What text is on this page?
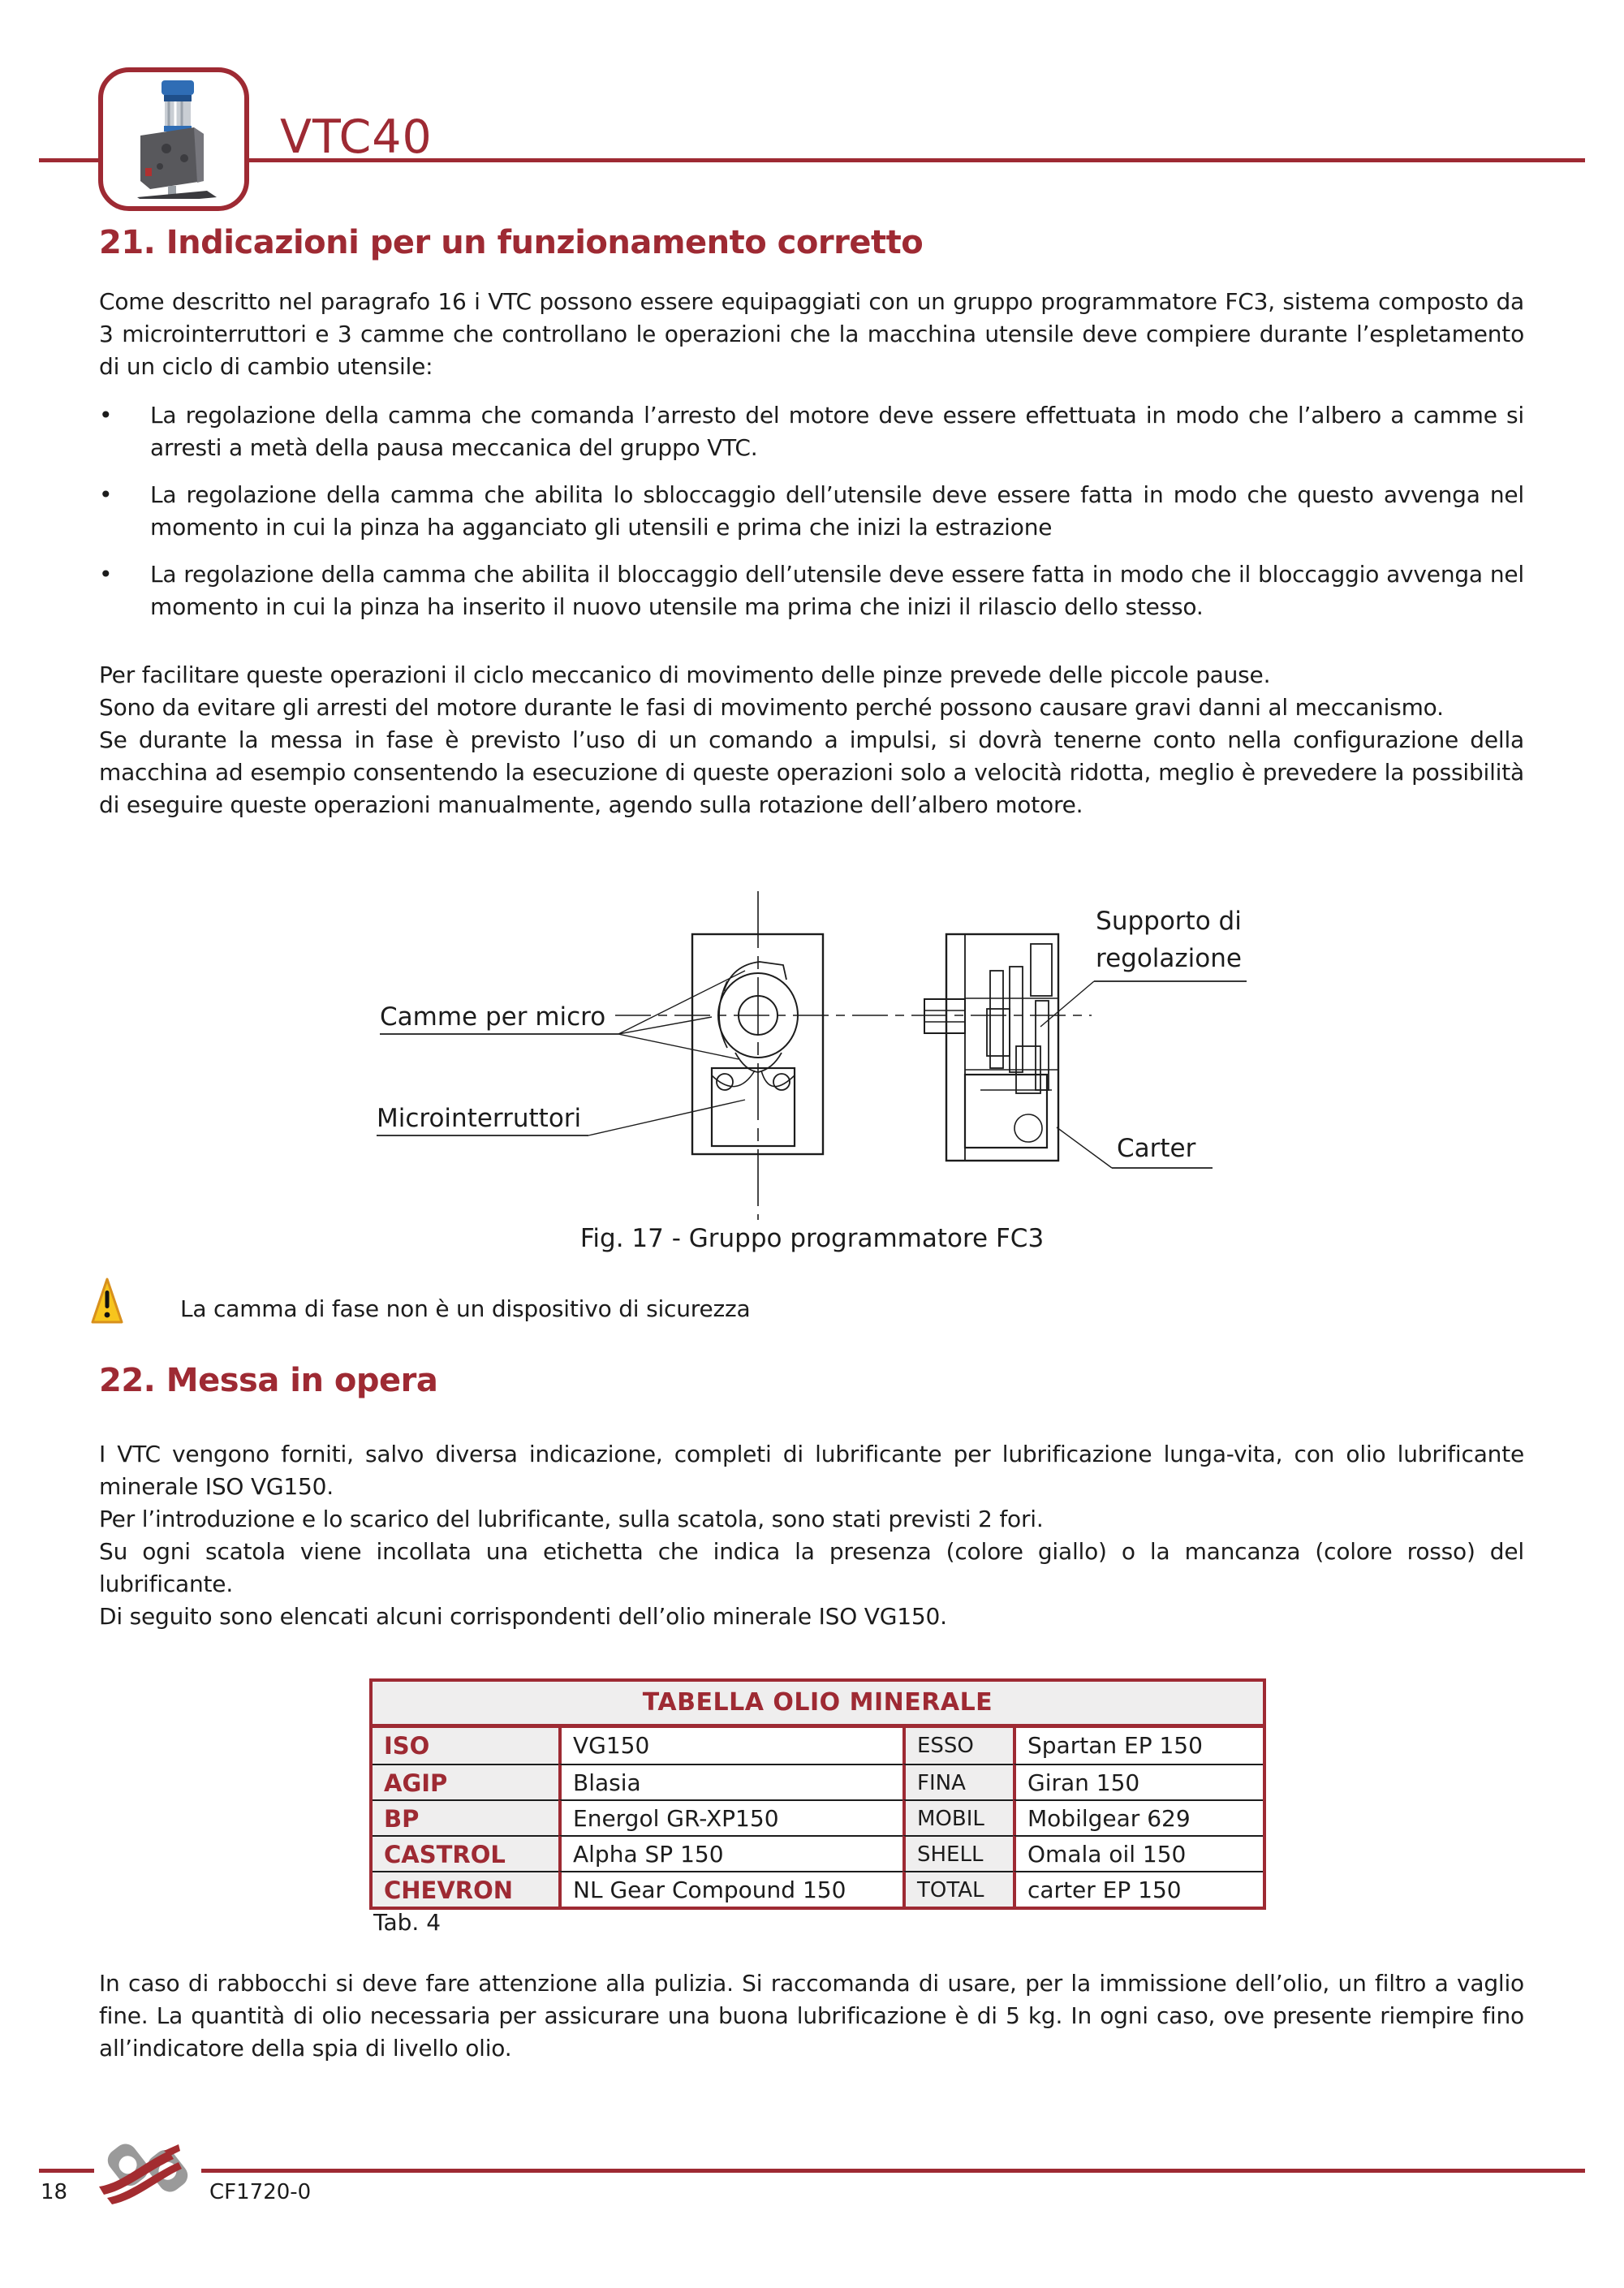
VTC40
21. Indicazioni per un funzionamento corretto

Come descritto nel paragrafo 16 i VTC possono essere equipaggiati con un gruppo programmatore FC3, sistema composto da 3 microinterruttori e 3 camme che controllano le operazioni che la macchina utensile deve compiere durante l’espletamento di un ciclo di cambio utensile:

•	La regolazione della camma che comanda l’arresto del motore deve essere effettuata in modo che l’albero a camme si arresti a metà della pausa meccanica del gruppo VTC.

•	La regolazione della camma che abilita lo sbloccaggio dell’utensile deve essere fatta in modo che questo avvenga nel momento in cui la pinza ha agganciato gli utensili e prima che inizi la estrazione

•	La regolazione della camma che abilita il bloccaggio dell’utensile deve essere fatta in modo che il bloccaggio avvenga nel momento in cui la pinza ha inserito il nuovo utensile ma prima che inizi il rilascio dello stesso.

Per facilitare queste operazioni il ciclo meccanico di movimento delle pinze prevede delle piccole pause.

Sono da evitare gli arresti del motore durante le fasi di movimento perché possono causare gravi danni al meccanismo.

Se durante la messa in fase è previsto l’uso di un comando a impulsi, si dovrà tenerne conto nella configurazione della macchina ad esempio consentendo la esecuzione di queste operazioni solo a velocità ridotta, meglio è prevedere la possibilità di eseguire queste operazioni manualmente, agendo sulla rotazione dell’albero motore.

Camme per micro
Microinterruttori
Supporto di
regolazione
Carter
Fig. 17 - Gruppo programmatore FC3
La camma di fase non è un dispositivo di sicurezza
22. Messa in opera

I VTC vengono forniti, salvo diversa indicazione, completi di lubrificante per lubrificazione lunga-vita, con olio lubrificante minerale ISO VG150.

Per l’introduzione e lo scarico del lubrificante, sulla scatola, sono stati previsti 2 fori.

Su ogni scatola viene incollata una etichetta che indica la presenza (colore giallo) o la mancanza (colore rosso) del lubrificante.

Di seguito sono elencati alcuni corrispondenti dell’olio minerale ISO VG150.

TABELLA OLIO MINERALE
ISO	VG150	ESSO	Spartan EP 150
AGIP	Blasia	FINA	Giran 150
BP	Energol GR-XP150	MOBIL	Mobilgear 629
CASTROL	Alpha SP 150	SHELL	Omala oil 150
CHEVRON	NL Gear Compound 150	TOTAL	carter EP 150
Tab. 4

In caso di rabbocchi si deve fare attenzione alla pulizia. Si raccomanda di usare, per la immissione dell’olio, un filtro a vaglio fine. La quantità di olio necessaria per assicurare una buona lubrificazione è di 5 kg. In ogni caso, ove presente riempire fino all’indicatore della spia di livello olio.

18	CF1720-0
